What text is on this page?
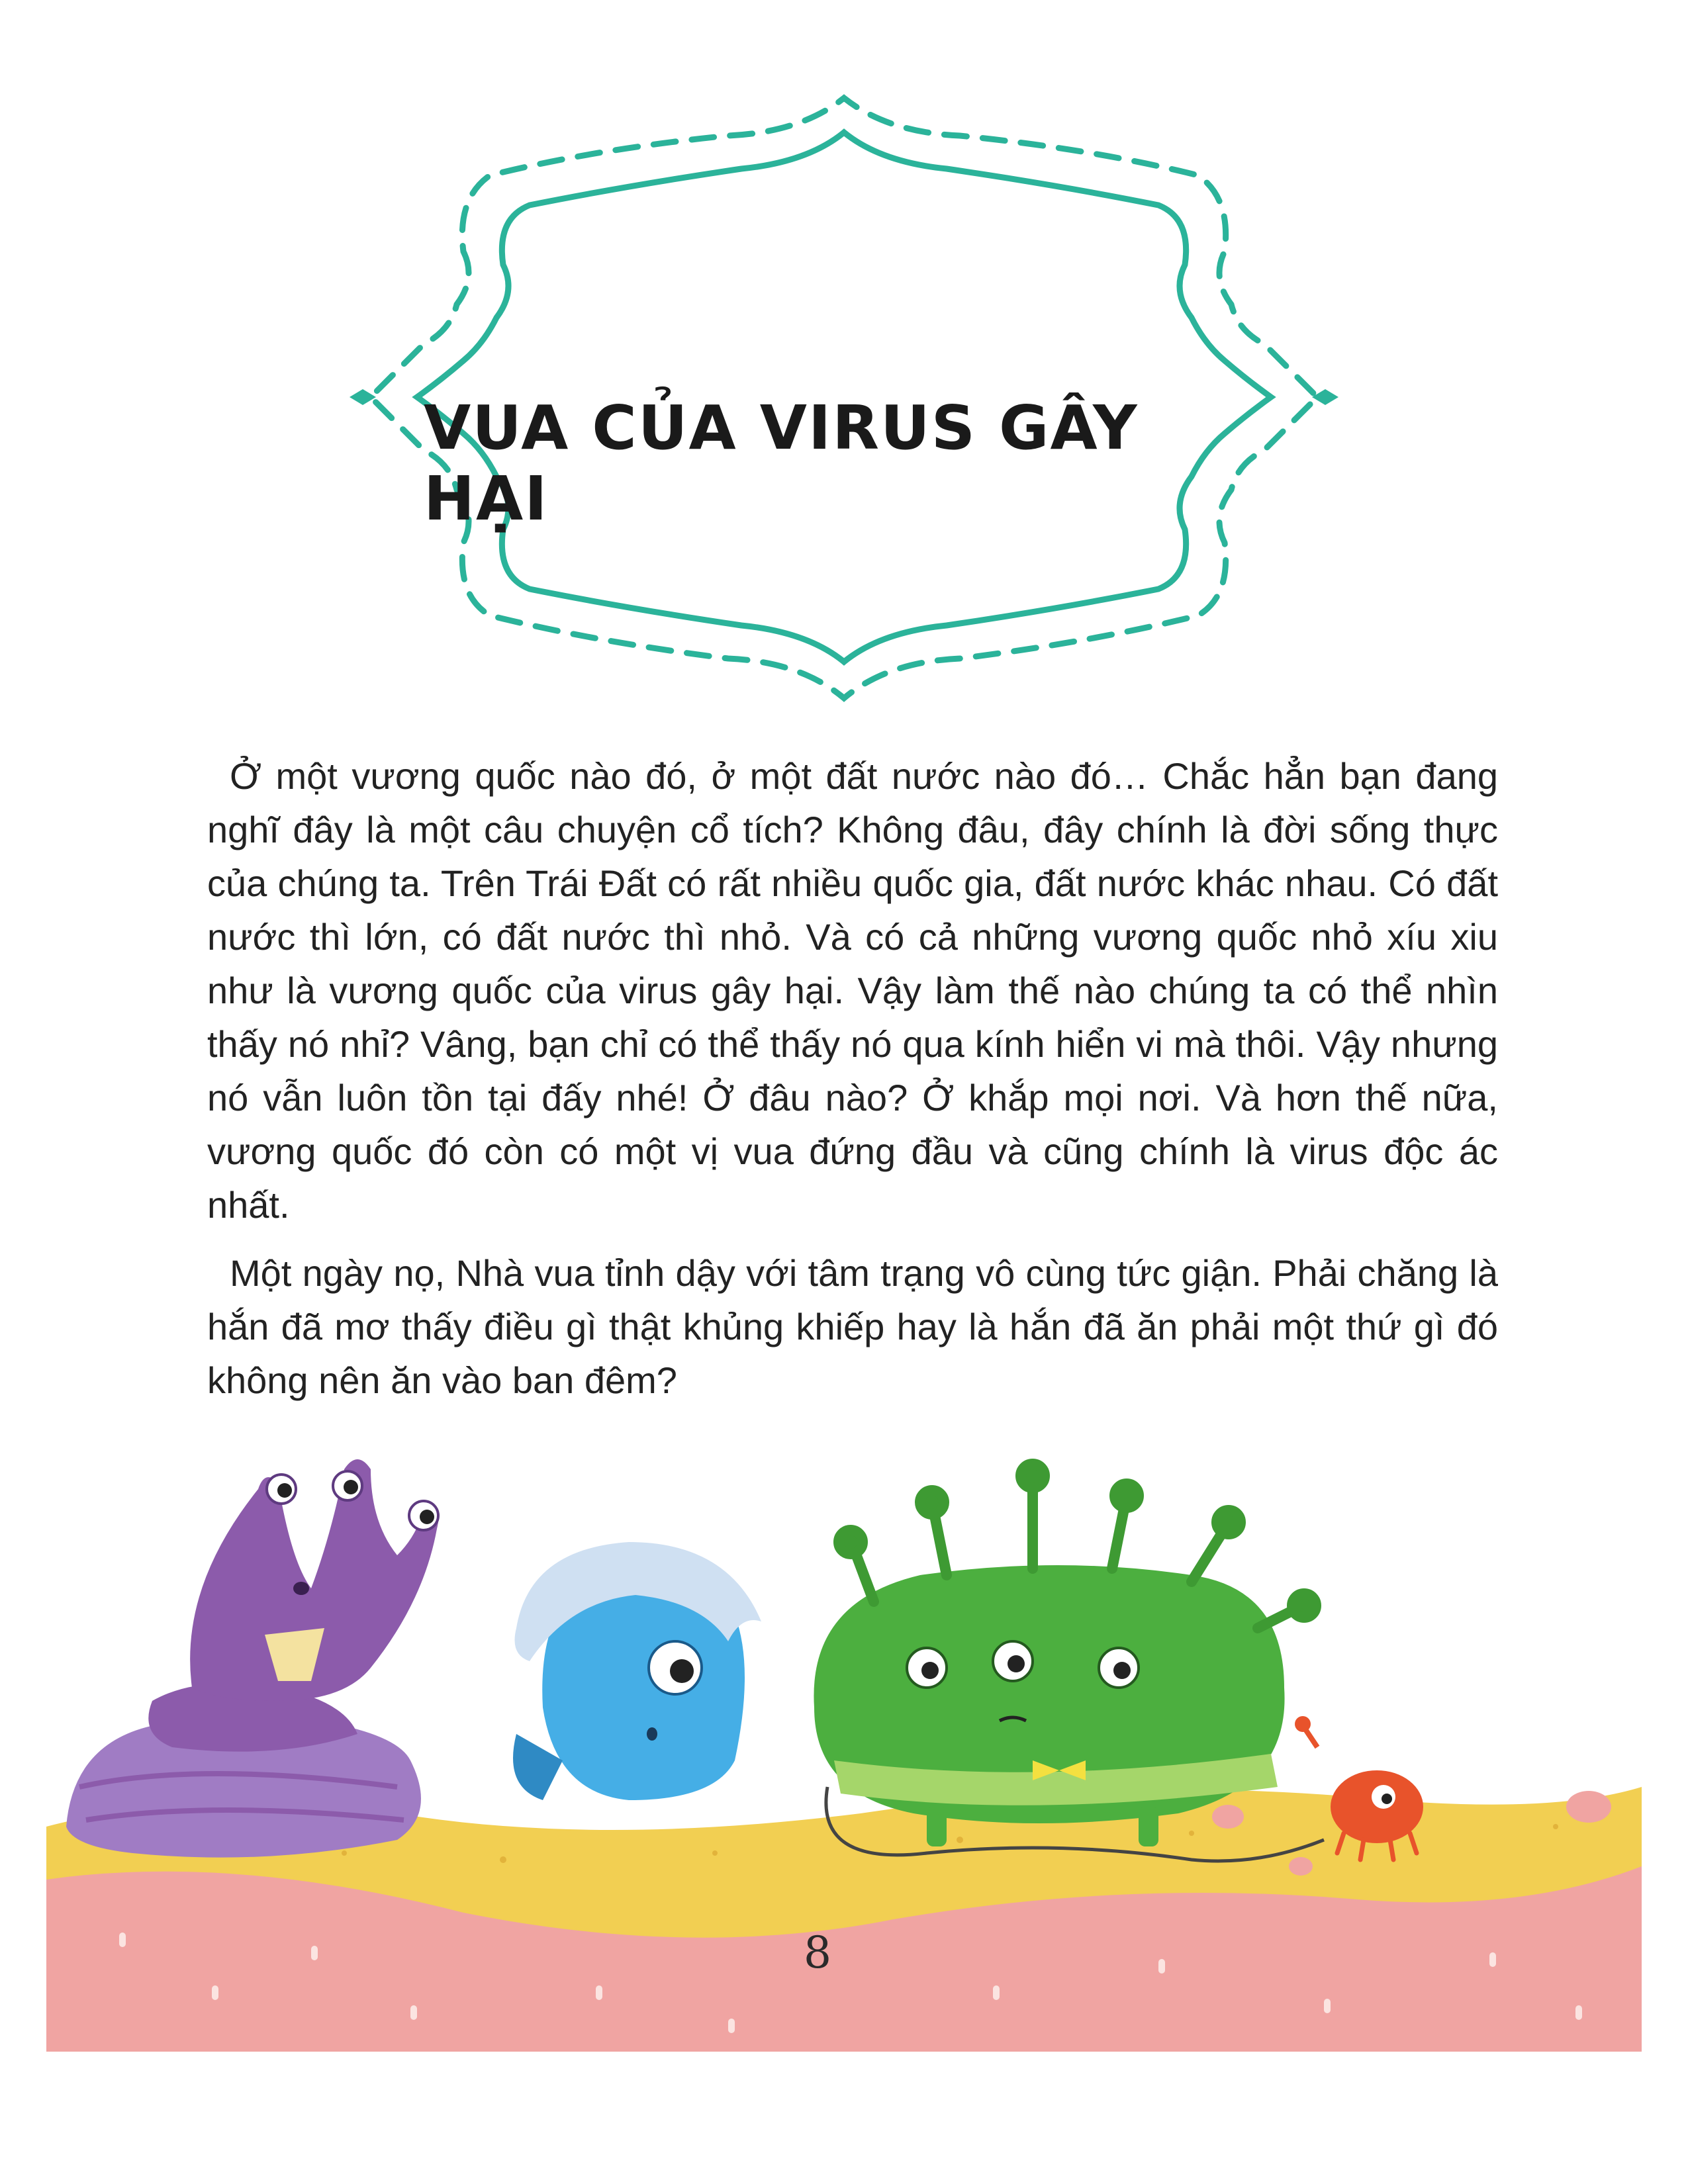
VUA CỦA VIRUS GÂY HẠI

Ở một vương quốc nào đó, ở một đất nước nào đó… Chắc hẳn bạn đang nghĩ đây là một câu chuyện cổ tích? Không đâu, đây chính là đời sống thực của chúng ta. Trên Trái Đất có rất nhiều quốc gia, đất nước khác nhau. Có đất nước thì lớn, có đất nước thì nhỏ. Và có cả những vương quốc nhỏ xíu xiu như là vương quốc của virus gây hại. Vậy làm thế nào chúng ta có thể nhìn thấy nó nhỉ? Vâng, bạn chỉ có thể thấy nó qua kính hiển vi mà thôi. Vậy nhưng nó vẫn luôn tồn tại đấy nhé! Ở đâu nào? Ở khắp mọi nơi. Và hơn thế nữa, vương quốc đó còn có một vị vua đứng đầu và cũng chính là virus độc ác nhất.

Một ngày nọ, Nhà vua tỉnh dậy với tâm trạng vô cùng tức giận. Phải chăng là hắn đã mơ thấy điều gì thật khủng khiếp hay là hắn đã ăn phải một thứ gì đó không nên ăn vào ban đêm?

8
